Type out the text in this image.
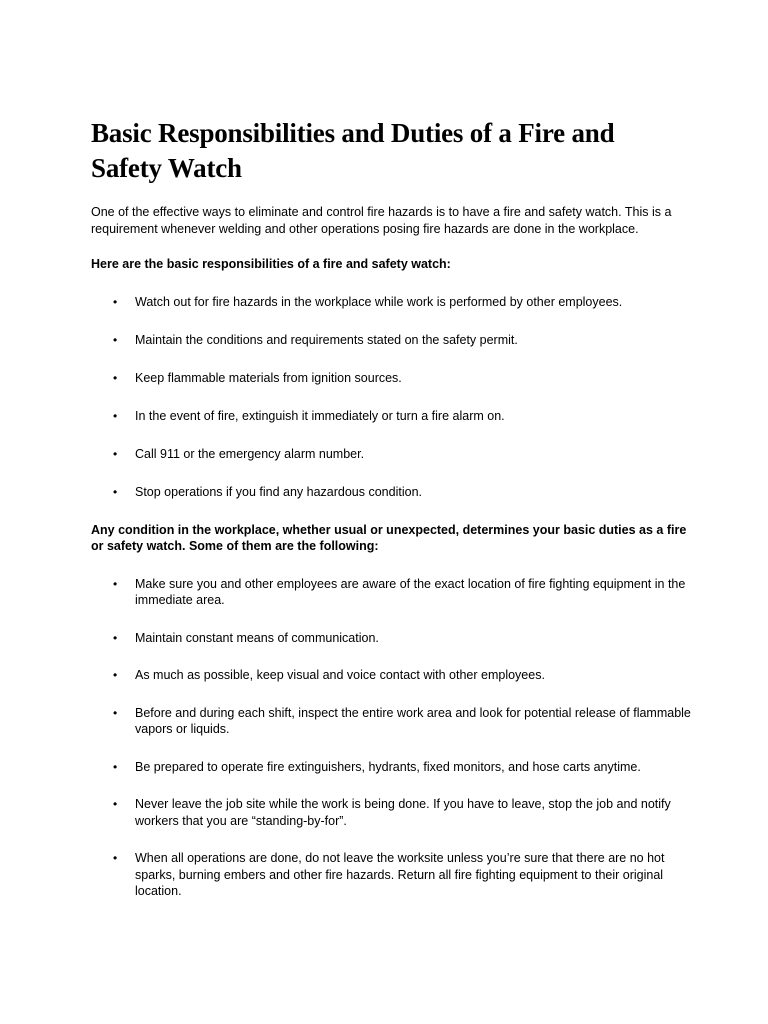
Basic Responsibilities and Duties of a Fire and Safety Watch

One of the effective ways to eliminate and control fire hazards is to have a fire and safety watch. This is a requirement whenever welding and other operations posing fire hazards are done in the workplace.

Here are the basic responsibilities of a fire and safety watch:

• Watch out for fire hazards in the workplace while work is performed by other employees.
• Maintain the conditions and requirements stated on the safety permit.
• Keep flammable materials from ignition sources.
• In the event of fire, extinguish it immediately or turn a fire alarm on.
• Call 911 or the emergency alarm number.
• Stop operations if you find any hazardous condition.

Any condition in the workplace, whether usual or unexpected, determines your basic duties as a fire or safety watch. Some of them are the following:

• Make sure you and other employees are aware of the exact location of fire fighting equipment in the immediate area.
• Maintain constant means of communication.
• As much as possible, keep visual and voice contact with other employees.
• Before and during each shift, inspect the entire work area and look for potential release of flammable vapors or liquids.
• Be prepared to operate fire extinguishers, hydrants, fixed monitors, and hose carts anytime.
• Never leave the job site while the work is being done. If you have to leave, stop the job and notify workers that you are “standing-by-for”.
• When all operations are done, do not leave the worksite unless you’re sure that there are no hot sparks, burning embers and other fire hazards. Return all fire fighting equipment to their original location.
